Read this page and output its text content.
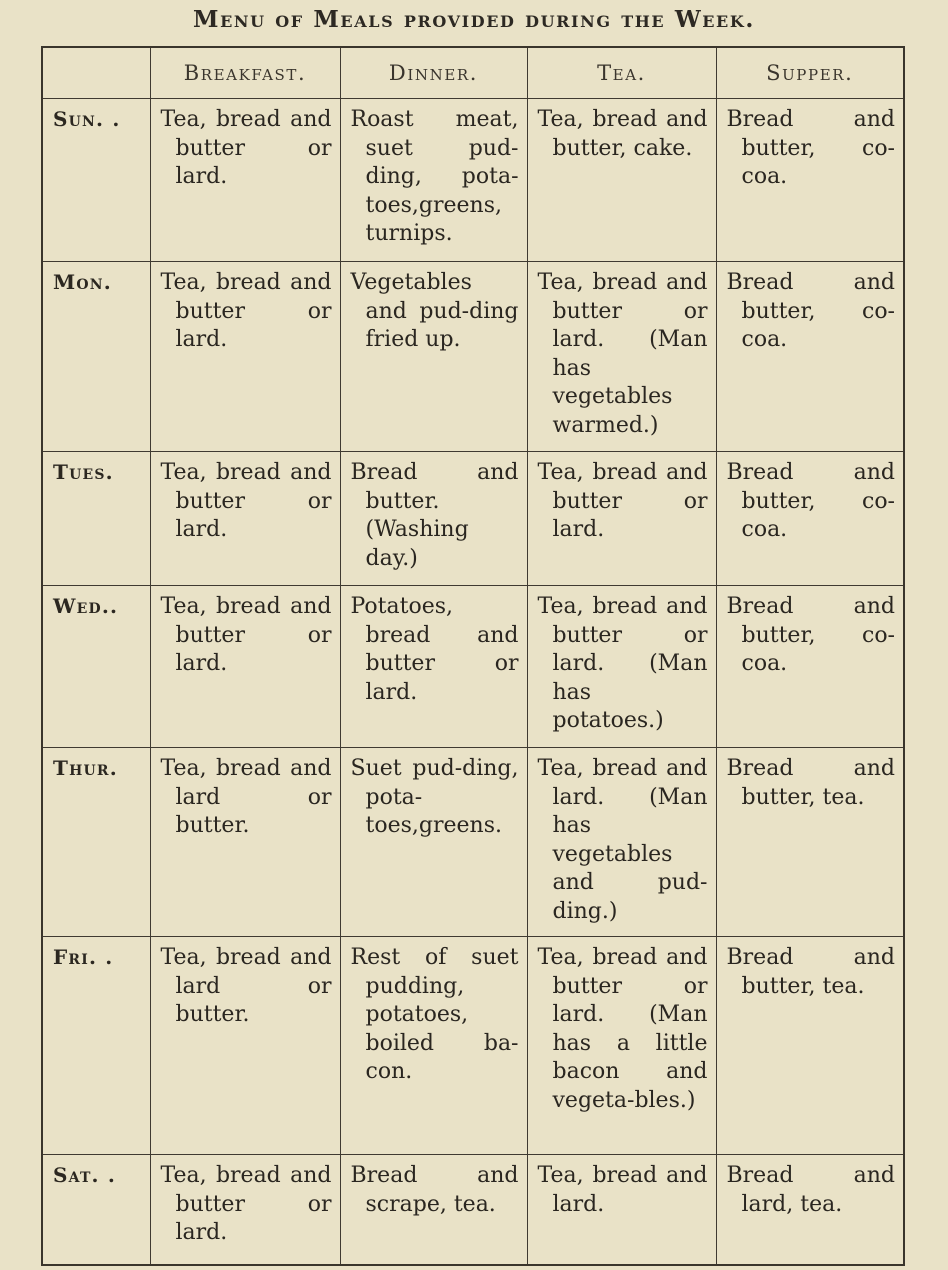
Menu of Meals provided during the Week.
	Breakfast.	Dinner.	Tea.	Supper.
Sun. .	Tea, bread and butter or lard.	Roast meat, suet pud-ding, pota-toes,greens, turnips.	Tea, bread and butter, cake.	Bread and butter, co-coa.

Mon.	Tea, bread and butter or lard.	Vegetables and pud-ding fried up.	Tea, bread and butter or lard. (Man has vegetables warmed.)	Bread and butter, co-coa.

Tues.	Tea, bread and butter or lard.	Bread and butter. (Washing day.)	Tea, bread and butter or lard.	Bread and butter, co-coa.

Wed..	Tea, bread and butter or lard.	Potatoes, bread and butter or lard.	Tea, bread and butter or lard. (Man has potatoes.)	Bread and butter, co-coa.

Thur.	Tea, bread and lard or butter.	Suet pud-ding, pota-toes,greens.	Tea, bread and lard. (Man has vegetables and pud-ding.)	Bread and butter, tea.

Fri. .	Tea, bread and lard or butter.	Rest of suet pudding, potatoes, boiled ba-con.	Tea, bread and butter or lard. (Man has a little bacon and vegeta-bles.)	Bread and butter, tea.

Sat. .	Tea, bread and butter or lard.	Bread and scrape, tea.	Tea, bread and lard.	Bread and lard, tea.
